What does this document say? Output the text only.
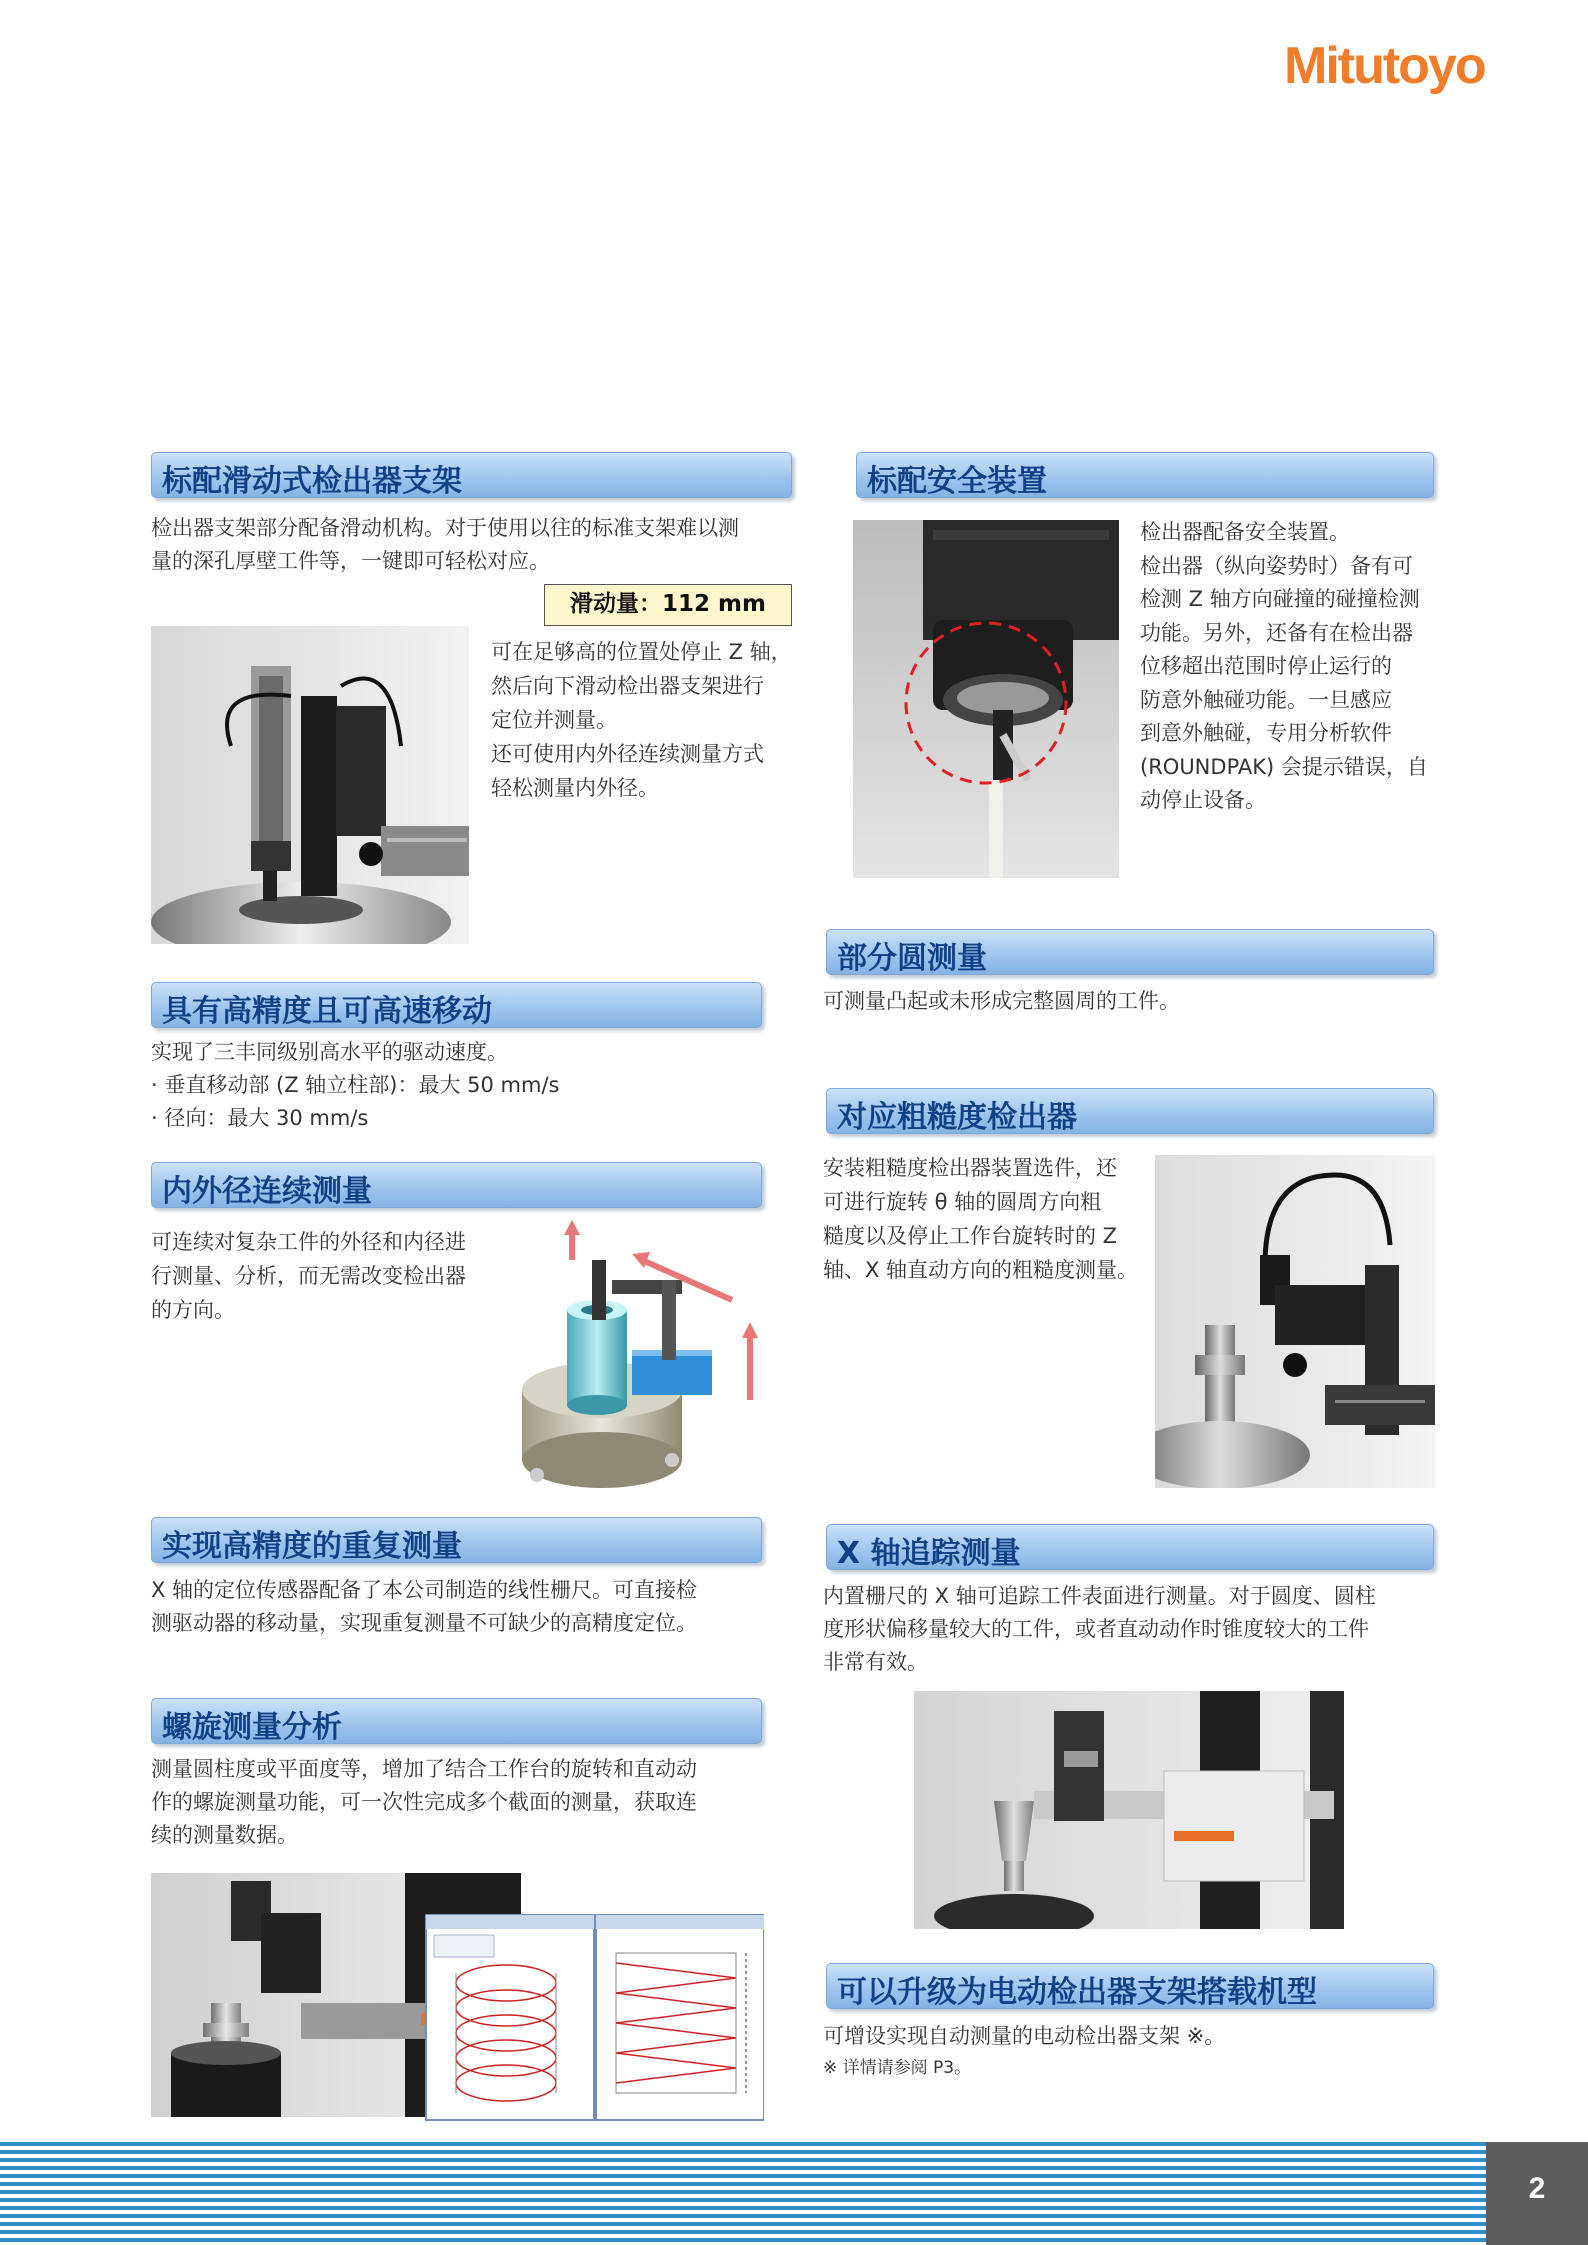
Mitutoyo
标配滑动式检出器支架

检出器支架部分配备滑动机构。对于使用以往的标准支架难以测

量的深孔厚壁工件等，一键即可轻松对应。

滑动量：112 mm

可在足够高的位置处停止 Z 轴，

然后向下滑动检出器支架进行

定位并测量。

还可使用内外径连续测量方式

轻松测量内外径。

标配安全装置

检出器配备安全装置。

检出器（纵向姿势时）备有可

检测 Z 轴方向碰撞的碰撞检测

功能。另外，还备有在检出器

位移超出范围时停止运行的

防意外触碰功能。一旦感应

到意外触碰，专用分析软件

(ROUNDPAK) 会提示错误，自

动停止设备。

部分圆测量

可测量凸起或未形成完整圆周的工件。

具有高精度且可高速移动

实现了三丰同级别高水平的驱动速度。

· 垂直移动部 (Z 轴立柱部)：最大 50 mm/s

· 径向：最大 30 mm/s	对应粗糙度检出器

安装粗糙度检出器装置选件，还

可进行旋转 θ 轴的圆周方向粗

糙度以及停止工作台旋转时的 Z

轴、X 轴直动方向的粗糙度测量。

内外径连续测量

可连续对复杂工件的外径和内径进

行测量、分析，而无需改变检出器

的方向。

实现高精度的重复测量

X 轴的定位传感器配备了本公司制造的线性栅尺。可直接检

测驱动器的移动量，实现重复测量不可缺少的高精度定位。

X 轴追踪测量

内置栅尺的 X 轴可追踪工件表面进行测量。对于圆度、圆柱

度形状偏移量较大的工件，或者直动动作时锥度较大的工件

非常有效。

螺旋测量分析

测量圆柱度或平面度等，增加了结合工作台的旋转和直动动

作的螺旋测量功能，可一次性完成多个截面的测量，获取连

续的测量数据。

可以升级为电动检出器支架搭载机型

可增设实现自动测量的电动检出器支架 ※。

※ 详情请参阅 P3。

2
